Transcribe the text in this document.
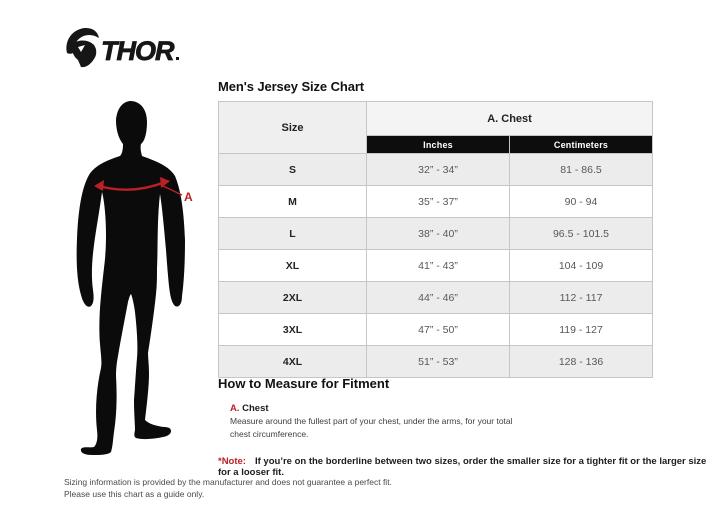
THOR
A
Men's Jersey Size Chart
Size	A. Chest	
	Inches	Centimeters
S	32” - 34”	81 - 86.5
M	35” - 37”	90 - 94
L	38” - 40”	96.5 - 101.5
XL	41” - 43”	104 - 109
2XL	44” - 46”	112 - 117
3XL	47” - 50”	119 - 127
4XL	51” - 53”	128 - 136
How to Measure for Fitment
A. Chest
Measure around the fullest part of your chest, under the arms, for your total chest circumference.
*Note: If you’re on the borderline between two sizes, order the smaller size for a tighter fit or the larger size for a looser fit.
Sizing information is provided by the manufacturer and does not guarantee a perfect fit.
Please use this chart as a guide only.
